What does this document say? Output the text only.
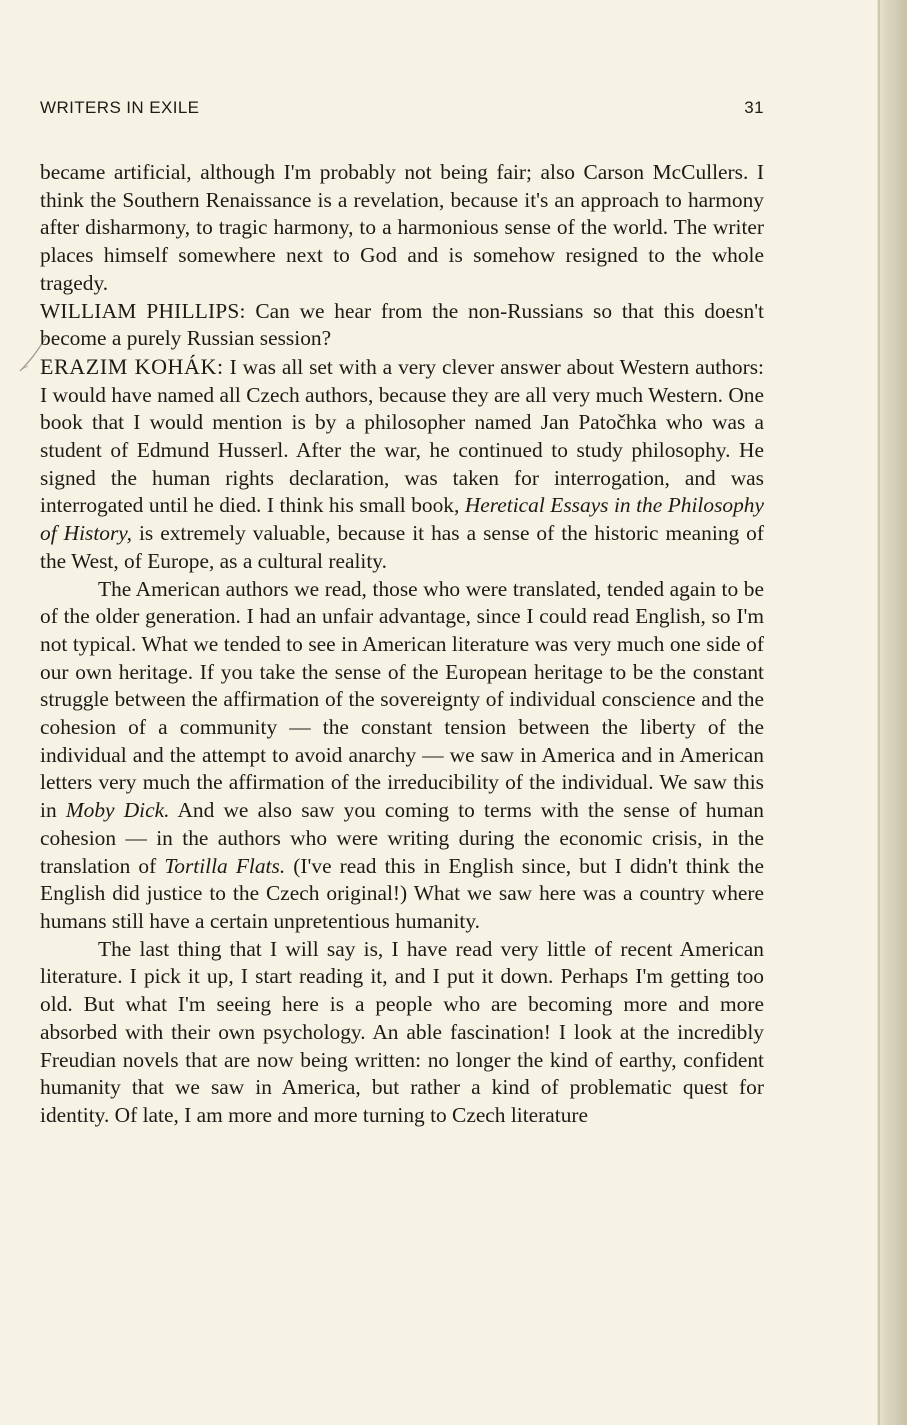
WRITERS IN EXILE	31

became artificial, although I'm probably not being fair; also Carson McCullers. I think the Southern Renaissance is a revelation, because it's an approach to harmony after disharmony, to tragic harmony, to a harmonious sense of the world. The writer places himself somewhere next to God and is somehow resigned to the whole tragedy.

WILLIAM PHILLIPS: Can we hear from the non-Russians so that this doesn't become a purely Russian session?

ERAZIM KOHÁK: I was all set with a very clever answer about Western authors: I would have named all Czech authors, because they are all very much Western. One book that I would mention is by a philosopher named Jan Patočhka who was a student of Edmund Husserl. After the war, he continued to study philosophy. He signed the human rights declaration, was taken for interrogation, and was interrogated until he died. I think his small book, Heretical Essays in the Philosophy of History, is extremely valuable, because it has a sense of the historic meaning of the West, of Europe, as a cultural reality.

The American authors we read, those who were translated, tended again to be of the older generation. I had an unfair advantage, since I could read English, so I'm not typical. What we tended to see in American literature was very much one side of our own heritage. If you take the sense of the European heritage to be the constant struggle between the affirmation of the sovereignty of individual conscience and the cohesion of a community — the constant tension between the liberty of the individual and the attempt to avoid anarchy — we saw in America and in American letters very much the affirmation of the irreducibility of the individual. We saw this in Moby Dick. And we also saw you coming to terms with the sense of human cohesion — in the authors who were writing during the economic crisis, in the translation of Tortilla Flats. (I've read this in English since, but I didn't think the English did justice to the Czech original!) What we saw here was a country where humans still have a certain unpretentious humanity.

The last thing that I will say is, I have read very little of recent American literature. I pick it up, I start reading it, and I put it down. Perhaps I'm getting too old. But what I'm seeing here is a people who are becoming more and more absorbed with their own psychology. An able fascination! I look at the incredibly Freudian novels that are now being written: no longer the kind of earthy, confident humanity that we saw in America, but rather a kind of problematic quest for identity. Of late, I am more and more turning to Czech literature
